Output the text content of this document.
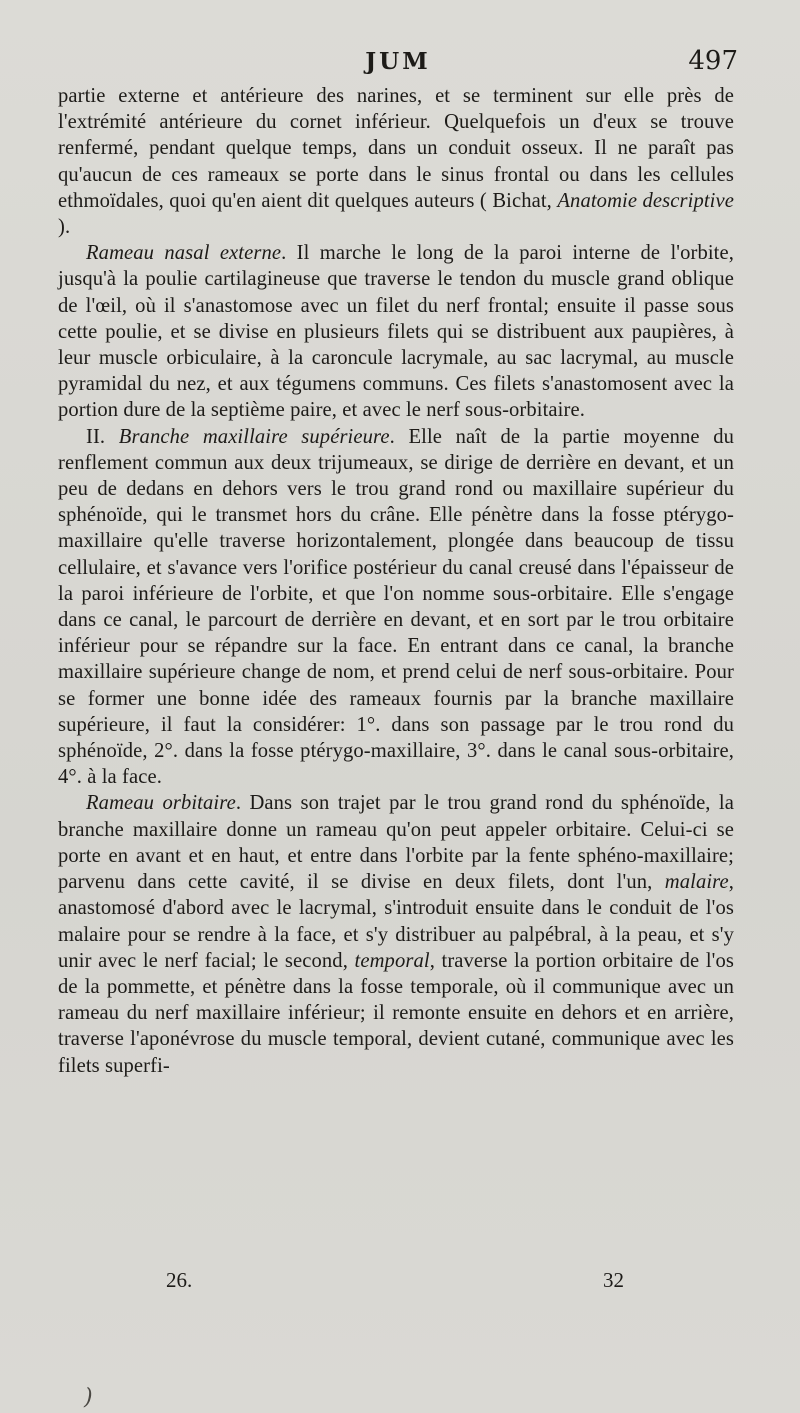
JUM	497

partie externe et antérieure des narines, et se terminent sur elle près de l'extrémité antérieure du cornet inférieur. Quelquefois un d'eux se trouve renfermé, pendant quelque temps, dans un conduit osseux. Il ne paraît pas qu'aucun de ces rameaux se porte dans le sinus frontal ou dans les cellules ethmoïdales, quoi qu'en aient dit quelques auteurs ( Bichat, Anatomie descriptive ).

Rameau nasal externe. Il marche le long de la paroi interne de l'orbite, jusqu'à la poulie cartilagineuse que traverse le tendon du muscle grand oblique de l'œil, où il s'anastomose avec un filet du nerf frontal; ensuite il passe sous cette poulie, et se divise en plusieurs filets qui se distribuent aux paupières, à leur muscle orbiculaire, à la caroncule lacrymale, au sac lacrymal, au muscle pyramidal du nez, et aux tégumens communs. Ces filets s'anastomosent avec la portion dure de la septième paire, et avec le nerf sous-orbitaire.

II. Branche maxillaire supérieure. Elle naît de la partie moyenne du renflement commun aux deux trijumeaux, se dirige de derrière en devant, et un peu de dedans en dehors vers le trou grand rond ou maxillaire supérieur du sphénoïde, qui le transmet hors du crâne. Elle pénètre dans la fosse ptérygo-maxillaire qu'elle traverse horizontalement, plongée dans beaucoup de tissu cellulaire, et s'avance vers l'orifice postérieur du canal creusé dans l'épaisseur de la paroi inférieure de l'orbite, et que l'on nomme sous-orbitaire. Elle s'engage dans ce canal, le parcourt de derrière en devant, et en sort par le trou orbitaire inférieur pour se répandre sur la face. En entrant dans ce canal, la branche maxillaire supérieure change de nom, et prend celui de nerf sous-orbitaire. Pour se former une bonne idée des rameaux fournis par la branche maxillaire supérieure, il faut la considérer: 1°. dans son passage par le trou rond du sphénoïde, 2°. dans la fosse ptérygo-maxillaire, 3°. dans le canal sous-orbitaire, 4°. à la face.

Rameau orbitaire. Dans son trajet par le trou grand rond du sphénoïde, la branche maxillaire donne un rameau qu'on peut appeler orbitaire. Celui-ci se porte en avant et en haut, et entre dans l'orbite par la fente sphéno-maxillaire; parvenu dans cette cavité, il se divise en deux filets, dont l'un, malaire, anastomosé d'abord avec le lacrymal, s'introduit ensuite dans le conduit de l'os malaire pour se rendre à la face, et s'y distribuer au palpébral, à la peau, et s'y unir avec le nerf facial; le second, temporal, traverse la portion orbitaire de l'os de la pommette, et pénètre dans la fosse temporale, où il communique avec un rameau du nerf maxillaire inférieur; il remonte ensuite en dehors et en arrière, traverse l'aponévrose du muscle temporal, devient cutané, communique avec les filets superfi-

26.	32
)
